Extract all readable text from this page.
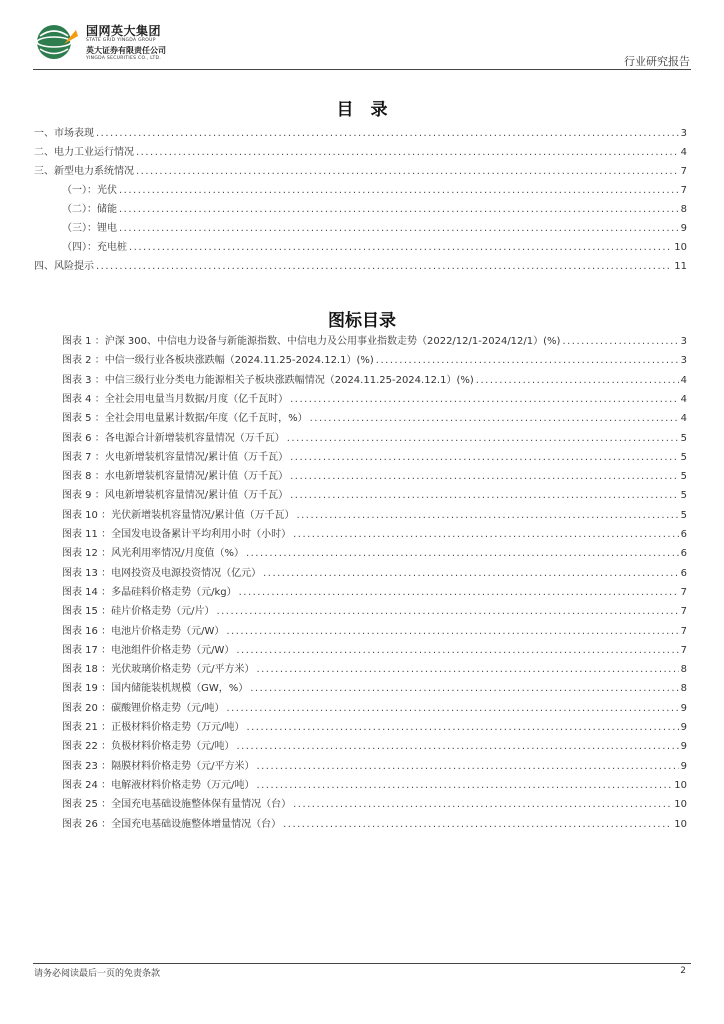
国网英大集团
STATE GRID YINGDA GROUP
英大证券有限责任公司
YINGDA SECURITIES CO., LTD.	行业研究报告
目　录
一、市场表现 .....	3
二、电力工业运行情况 .....	4
三、新型电力系统情况 .....	7
（一）：光伏 .....	7
（二）：储能 .....	8
（三）：锂电 .....	9
（四）：充电桩 .....	10
四、风险提示 .....	11
图标目录
图表 1 ：沪深 300、中信电力设备与新能源指数、中信电力及公用事业指数走势（2022/12/1-2024/12/1）(%) .....	3
图表 2 ：中信一级行业各板块涨跌幅（2024.11.25-2024.12.1）(%) .....	3
图表 3 ：中信三级行业分类电力能源相关子板块涨跌幅情况（2024.11.25-2024.12.1）(%) .....	4
图表 4 ：全社会用电量当月数据/月度（亿千瓦时） .....	4
图表 5 ：全社会用电量累计数据/年度（亿千瓦时，%） .....	4
图表 6 ：各电源合计新增装机容量情况（万千瓦） .....	5
图表 7 ：火电新增装机容量情况/累计值（万千瓦） .....	5
图表 8 ：水电新增装机容量情况/累计值（万千瓦） .....	5
图表 9 ：风电新增装机容量情况/累计值（万千瓦） .....	5
图表 10 ：光伏新增装机容量情况/累计值（万千瓦） .....	5
图表 11 ：全国发电设备累计平均利用小时（小时） .....	6
图表 12 ：风光利用率情况/月度值（%） .....	6
图表 13 ：电网投资及电源投资情况（亿元） .....	6
图表 14 ：多晶硅料价格走势（元/kg） .....	7
图表 15 ：硅片价格走势（元/片） .....	7
图表 16 ：电池片价格走势（元/W） .....	7
图表 17 ：电池组件价格走势（元/W） .....	7
图表 18 ：光伏玻璃价格走势（元/平方米） .....	8
图表 19 ：国内储能装机规模（GW，%） .....	8
图表 20 ：碳酸锂价格走势（元/吨） .....	9
图表 21 ：正极材料价格走势（万元/吨） .....	9
图表 22 ：负极材料价格走势（元/吨） .....	9
图表 23 ：隔膜材料价格走势（元/平方米） .....	9
图表 24 ：电解液材料价格走势（万元/吨） .....	10
图表 25 ：全国充电基础设施整体保有量情况（台） .....	10
图表 26 ：全国充电基础设施整体增量情况（台） .....	10
请务必阅读最后一页的免责条款	2
